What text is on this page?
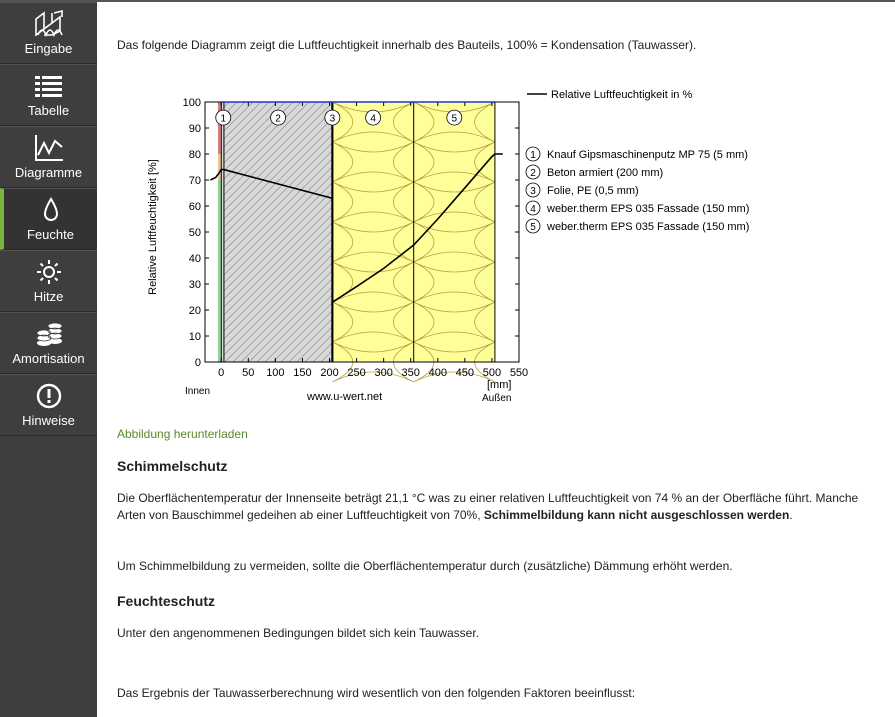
Eingabe
Tabelle
Diagramme
Feuchte
Hitze
Amortisation
Hinweise

Das folgende Diagramm zeigt die Luftfeuchtigkeit innerhalb des Bauteils, 100% = Kondensation (Tauwasser).

0
10
20
30
40
50
60
70
80
90
100
0 50 100 150 200 250 300 350 400 450 500 550
1	2	3	4	5
Relative Luftfeuchtigkeit [%]
Innen
Außen
[mm]
www.u-wert.net
Relative Luftfeuchtigkeit in %
1 Knauf Gipsmaschinenputz MP 75 (5 mm)
2 Beton armiert (200 mm)
3 Folie, PE (0,5 mm)
4 weber.therm EPS 035 Fassade (150 mm)
5 weber.therm EPS 035 Fassade (150 mm)
Abbildung herunterladen
Schimmelschutz

Die Oberflächentemperatur der Innenseite beträgt 21,1 °C was zu einer relativen Luftfeuchtigkeit von 74 % an der Oberfläche führt. Manche Arten von Bauschimmel gedeihen ab einer Luftfeuchtigkeit von 70%, Schimmelbildung kann nicht ausgeschlossen werden.

Um Schimmelbildung zu vermeiden, sollte die Oberflächentemperatur durch (zusätzliche) Dämmung erhöht werden.

Feuchteschutz

Unter den angenommenen Bedingungen bildet sich kein Tauwasser.

Das Ergebnis der Tauwasserberechnung wird wesentlich von den folgenden Faktoren beeinflusst:
